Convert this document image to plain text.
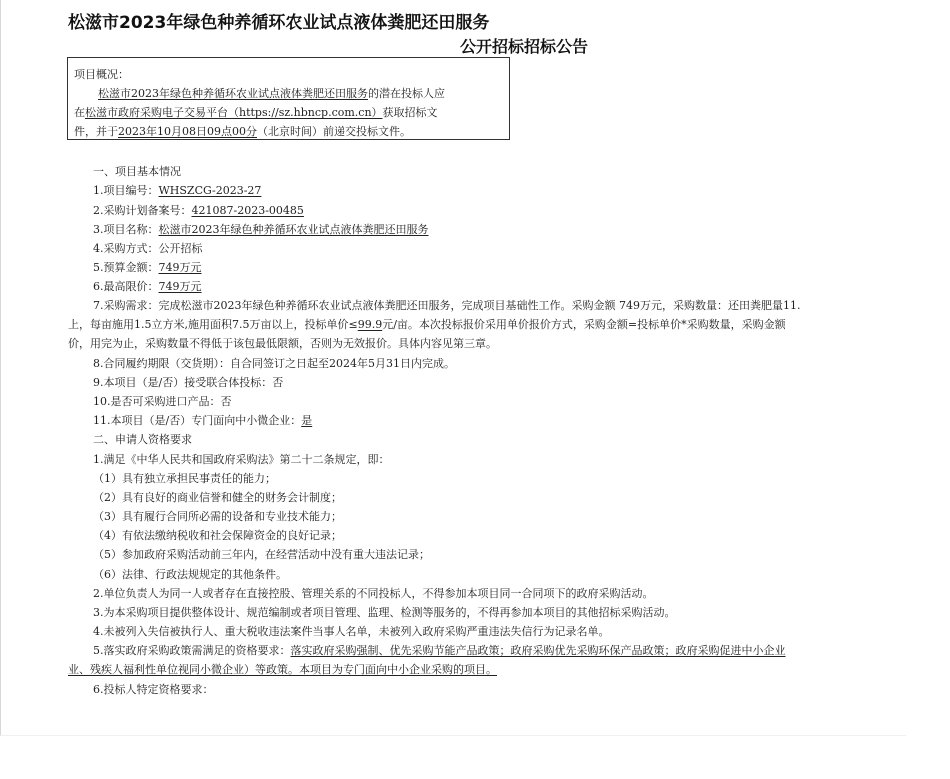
松滋市2023年绿色种养循环农业试点液体粪肥还田服务
公开招标招标公告
项目概况：
松滋市2023年绿色种养循环农业试点液体粪肥还田服务的潜在投标人应
在松滋市政府采购电子交易平台（https://sz.hbncp.com.cn）获取招标文
件，并于2023年10月08日09点00分（北京时间）前递交投标文件。
一、项目基本情况
1.项目编号：WHSZCG-2023-27
2.采购计划备案号：421087-2023-00485
3.项目名称：松滋市2023年绿色种养循环农业试点液体粪肥还田服务
4.采购方式：公开招标
5.预算金额：749万元
6.最高限价：749万元
7.采购需求：完成松滋市2023年绿色种养循环农业试点液体粪肥还田服务，完成项目基础性工作。采购金额 749万元，采购数量：还田粪肥量11.
上，每亩施用1.5立方米,施用面积7.5万亩以上，投标单价≤99.9元/亩。本次投标报价采用单价报价方式，采购金额=投标单价*采购数量，采购金额
价，用完为止，采购数量不得低于该包最低限额，否则为无效报价。具体内容见第三章。
8.合同履约期限（交货期）：自合同签订之日起至2024年5月31日内完成。
9.本项目（是/否）接受联合体投标：否
10.是否可采购进口产品：否
11.本项目（是/否）专门面向中小微企业：是
二、申请人资格要求
1.满足《中华人民共和国政府采购法》第二十二条规定，即：
（1）具有独立承担民事责任的能力；
（2）具有良好的商业信誉和健全的财务会计制度；
（3）具有履行合同所必需的设备和专业技术能力；
（4）有依法缴纳税收和社会保障资金的良好记录；
（5）参加政府采购活动前三年内，在经营活动中没有重大违法记录；
（6）法律、行政法规规定的其他条件。
2.单位负责人为同一人或者存在直接控股、管理关系的不同投标人，不得参加本项目同一合同项下的政府采购活动。
3.为本采购项目提供整体设计、规范编制或者项目管理、监理、检测等服务的，不得再参加本项目的其他招标采购活动。
4.未被列入失信被执行人、重大税收违法案件当事人名单，未被列入政府采购严重违法失信行为记录名单。
5.落实政府采购政策需满足的资格要求：落实政府采购强制、优先采购节能产品政策；政府采购优先采购环保产品政策；政府采购促进中小企业
业、残疾人福利性单位视同小微企业）等政策。本项目为专门面向中小企业采购的项目。
6.投标人特定资格要求：
